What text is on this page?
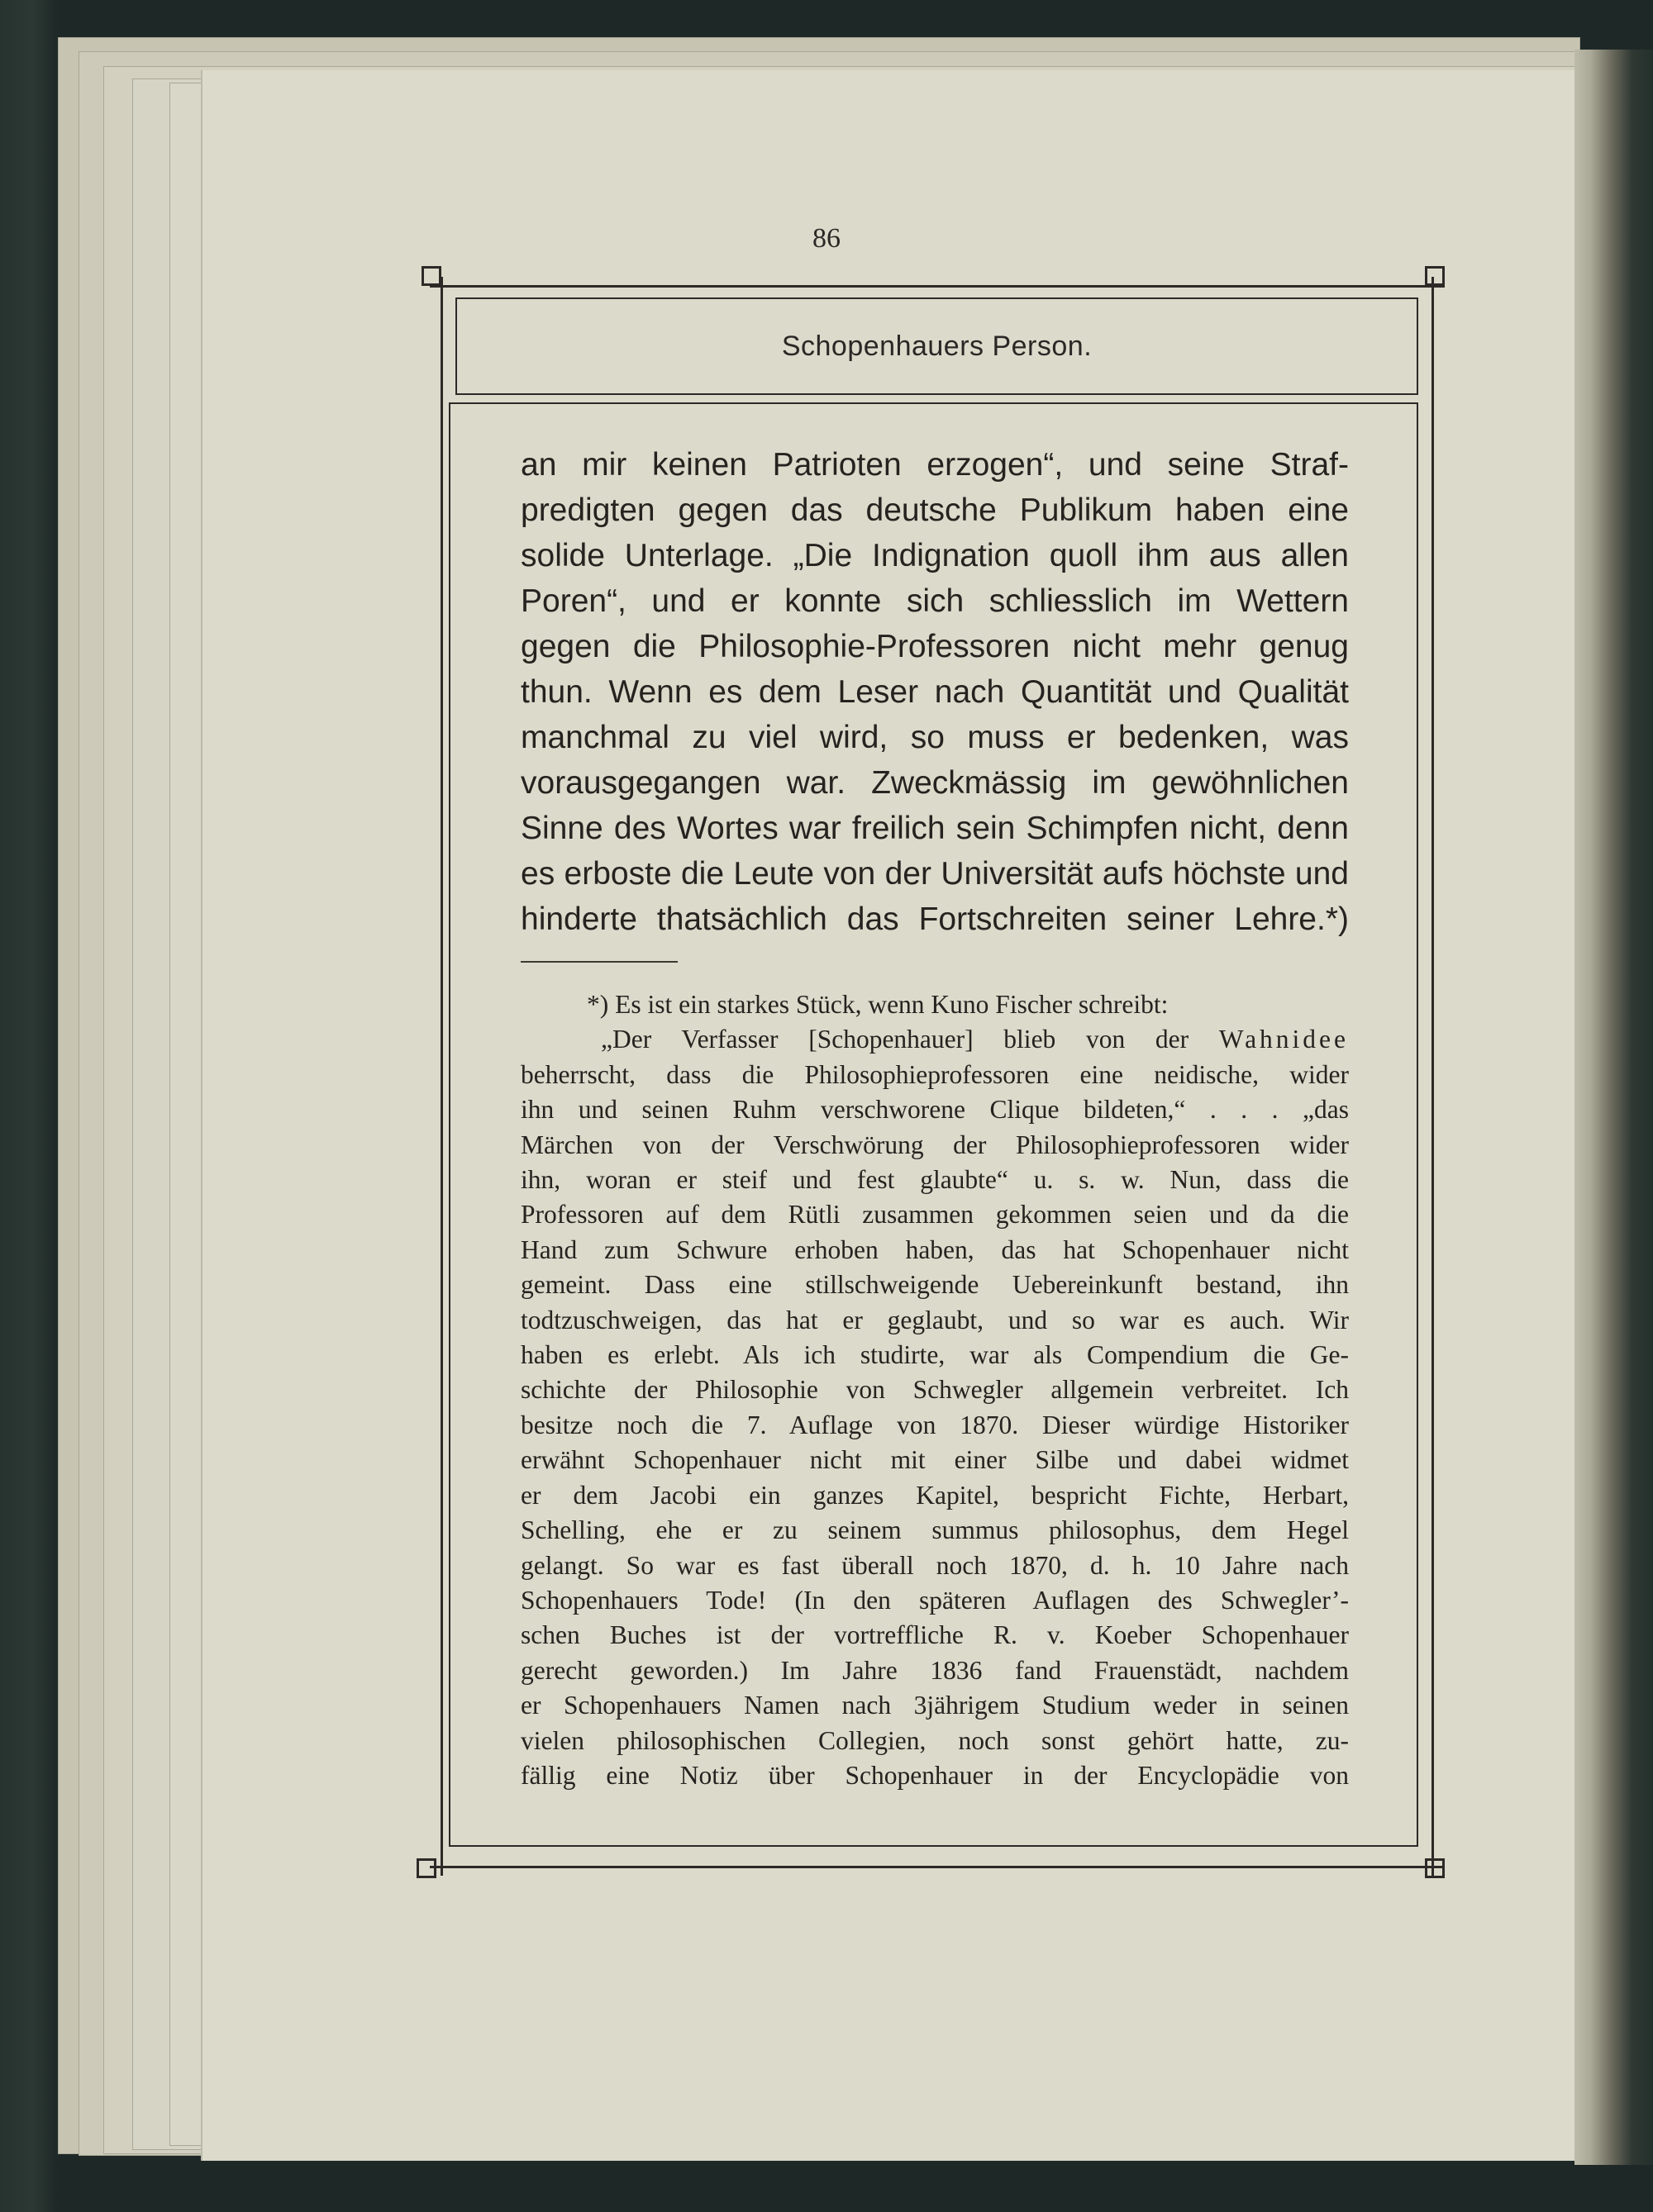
86
Schopenhauers Person.
an mir keinen Patrioten erzogen“, und seine Straf-
predigten gegen das deutsche Publikum haben eine
solide Unterlage. „Die Indignation quoll ihm aus allen
Poren“, und er konnte sich schliesslich im Wettern
gegen die Philosophie-Professoren nicht mehr genug
thun. Wenn es dem Leser nach Quantität und Qualität
manchmal zu viel wird, so muss er bedenken, was
vorausgegangen war. Zweckmässig im gewöhnlichen
Sinne des Wortes war freilich sein Schimpfen nicht, denn
es erboste die Leute von der Universität aufs höchste und
hinderte thatsächlich das Fortschreiten seiner Lehre.*)
*) Es ist ein starkes Stück, wenn Kuno Fischer schreibt:
„Der Verfasser [Schopenhauer] blieb von der Wahnidee
beherrscht, dass die Philosophieprofessoren eine neidische, wider
ihn und seinen Ruhm verschworene Clique bildeten,“ . . . „das
Märchen von der Verschwörung der Philosophieprofessoren wider
ihn, woran er steif und fest glaubte“ u. s. w. Nun, dass die
Professoren auf dem Rütli zusammen gekommen seien und da die
Hand zum Schwure erhoben haben, das hat Schopenhauer nicht
gemeint. Dass eine stillschweigende Uebereinkunft bestand, ihn
todtzuschweigen, das hat er geglaubt, und so war es auch. Wir
haben es erlebt. Als ich studirte, war als Compendium die Ge-
schichte der Philosophie von Schwegler allgemein verbreitet. Ich
besitze noch die 7. Auflage von 1870. Dieser würdige Historiker
erwähnt Schopenhauer nicht mit einer Silbe und dabei widmet
er dem Jacobi ein ganzes Kapitel, bespricht Fichte, Herbart,
Schelling, ehe er zu seinem summus philosophus, dem Hegel
gelangt. So war es fast überall noch 1870, d. h. 10 Jahre nach
Schopenhauers Tode! (In den späteren Auflagen des Schwegler’-
schen Buches ist der vortreffliche R. v. Koeber Schopenhauer
gerecht geworden.) Im Jahre 1836 fand Frauenstädt, nachdem
er Schopenhauers Namen nach 3jährigem Studium weder in seinen
vielen philosophischen Collegien, noch sonst gehört hatte, zu-
fällig eine Notiz über Schopenhauer in der Encyclopädie von
